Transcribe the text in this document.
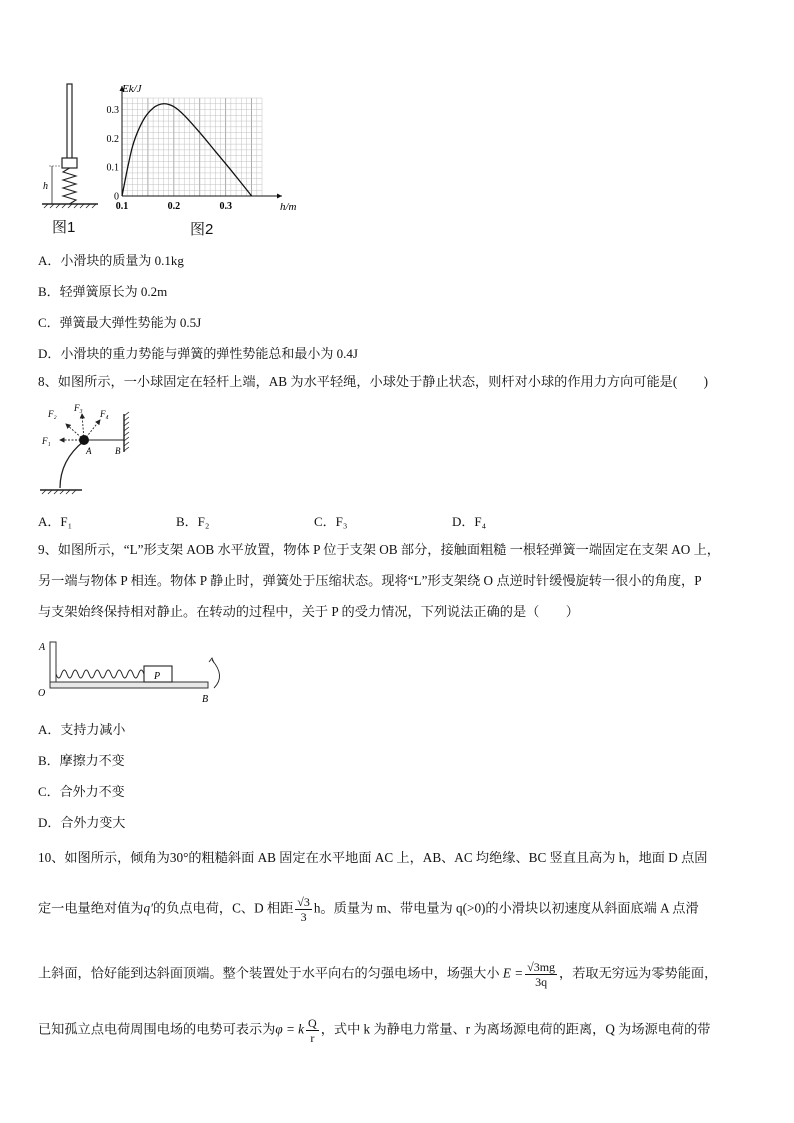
h
图1
0.3
0.2
0.1
0
0.1	0.2	0.3
Ek/J
h/m
图2
A．小滑块的质量为 0.1kg
B．轻弹簧原长为 0.2m
C．弹簧最大弹性势能为 0.5J
D．小滑块的重力势能与弹簧的弹性势能总和最小为 0.4J
8、如图所示，一小球固定在轻杆上端，AB 为水平轻绳，小球处于静止状态，则杆对小球的作用力方向可能是(　　)
F₁
F₂
F₃
F₄
A	B
A．F₁	B．F₂	C．F₃	D．F₄
9、如图所示，“L”形支架 AOB 水平放置，物体 P 位于支架 OB 部分，接触面粗糙 一根轻弹簧一端固定在支架 AO 上，
另一端与物体 P 相连。物体 P 静止时，弹簧处于压缩状态。现将“L”形支架绕 O 点逆时针缓慢旋转一很小的角度，P
与支架始终保持相对静止。在转动的过程中，关于 P 的受力情况，下列说法正确的是（　　）
P
A
O
B
A．支持力减小
B．摩擦力不变
C．合外力不变
D．合外力变大
10、如图所示，倾角为30°的粗糙斜面 AB 固定在水平地面 AC 上，AB、AC 均绝缘、BC 竖直且高为 h，地面 D 点固
定一电量绝对值为q′的负点电荷，C、D 相距 $\frac{√3}{3}$ h。质量为 m、带电量为 q(>0)的小滑块以初速度从斜面底端 A 点滑
上斜面，恰好能到达斜面顶端。整个装置处于水平向右的匀强电场中，场强大小 $E = \frac{√3mg}{3q}$ ，若取无穷远为零势能面，
已知孤立点电荷周围电场的电势可表示为φ = k $\frac{Q}{r}$ ，式中 k 为静电力常量、r 为离场源电荷的距离，Q 为场源电荷的带
